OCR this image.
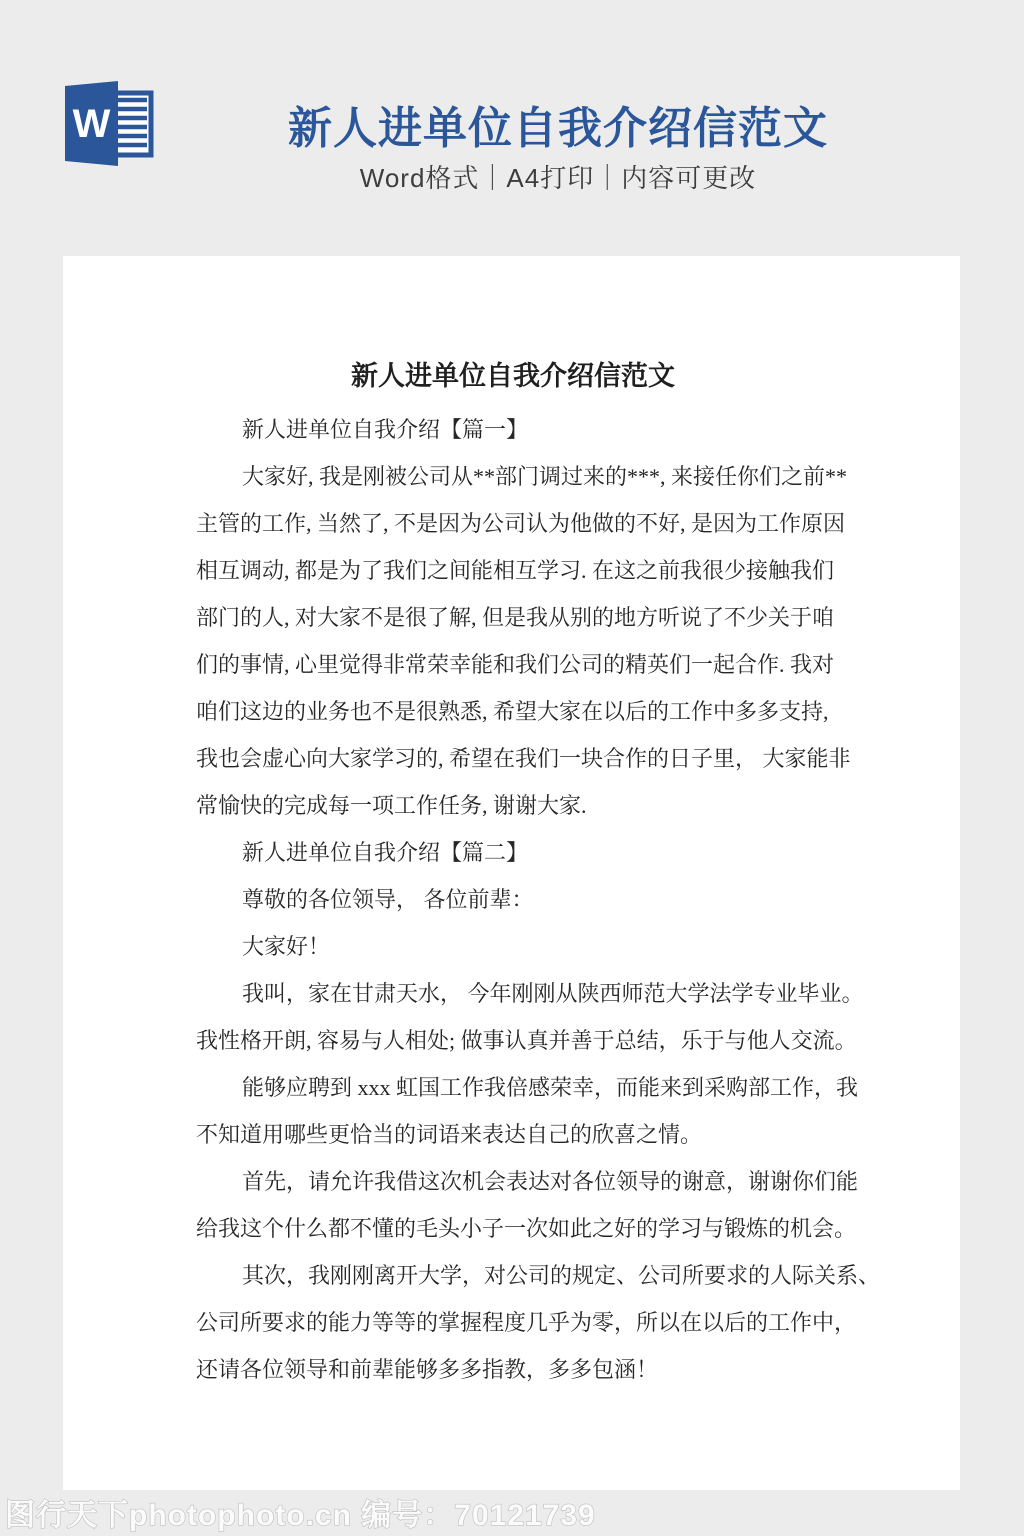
W	新人进单位自我介绍信范文
Word格式｜A4打印｜内容可更改
新人进单位自我介绍信范文
新人进单位自我介绍【篇一】
大家好, 我是刚被公司从**部门调过来的***, 来接任你们之前**
主管的工作, 当然了, 不是因为公司认为他做的不好, 是因为工作原因
相互调动, 都是为了我们之间能相互学习. 在这之前我很少接触我们
部门的人, 对大家不是很了解, 但是我从别的地方听说了不少关于咱
们的事情, 心里觉得非常荣幸能和我们公司的精英们一起合作. 我对
咱们这边的业务也不是很熟悉, 希望大家在以后的工作中多多支持,
我也会虚心向大家学习的, 希望在我们一块合作的日子里， 大家能非
常愉快的完成每一项工作任务, 谢谢大家.
新人进单位自我介绍【篇二】
尊敬的各位领导， 各位前辈：
大家好！
我叫，家在甘肃天水， 今年刚刚从陕西师范大学法学专业毕业。
我性格开朗, 容易与人相处; 做事认真并善于总结，乐于与他人交流。
能够应聘到 xxx 虹国工作我倍感荣幸，而能来到采购部工作，我
不知道用哪些更恰当的词语来表达自己的欣喜之情。
首先，请允许我借这次机会表达对各位领导的谢意，谢谢你们能
给我这个什么都不懂的毛头小子一次如此之好的学习与锻炼的机会。
其次，我刚刚离开大学，对公司的规定、公司所要求的人际关系、
公司所要求的能力等等的掌握程度几乎为零，所以在以后的工作中，
还请各位领导和前辈能够多多指教，多多包涵！
图行天下photophoto.cn 编号：70121739
